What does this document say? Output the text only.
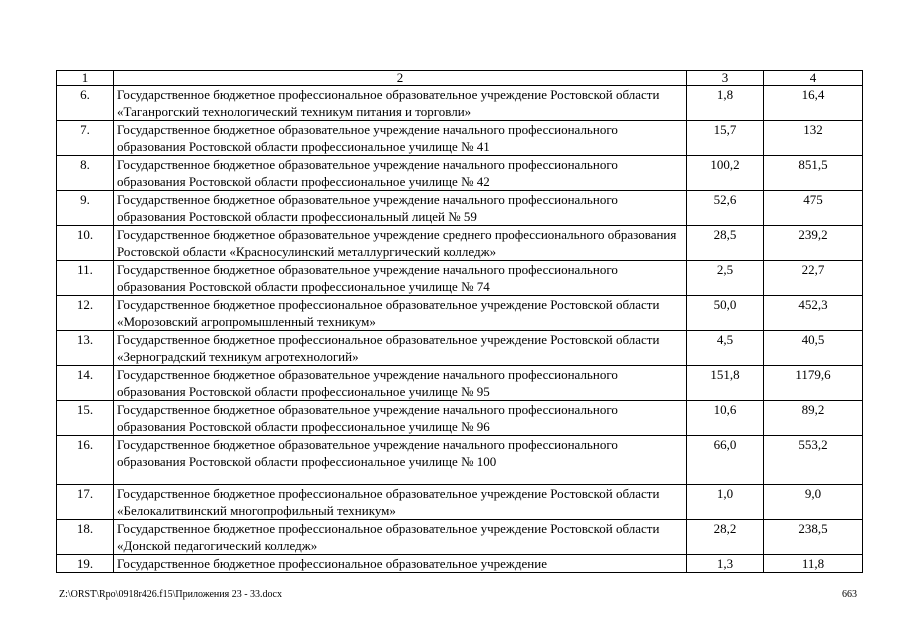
1	2	3	4
6.	Государственное бюджетное профессиональное образовательное учреждение Ростовской области «Таганрогский технологический техникум питания и торговли»	1,8	16,4
7.	Государственное бюджетное образовательное учреждение начального профессионального образования Ростовской области профессиональное училище № 41	15,7	132
8.	Государственное бюджетное образовательное учреждение начального профессионального образования Ростовской области профессиональное училище № 42	100,2	851,5
9.	Государственное бюджетное образовательное учреждение начального профессионального образования Ростовской области профессиональный лицей № 59	52,6	475
10.	Государственное бюджетное образовательное учреждение среднего профессионального образования Ростовской области «Красносулинский металлургический колледж»	28,5	239,2
11.	Государственное бюджетное образовательное учреждение начального профессионального образования Ростовской области профессиональное училище № 74	2,5	22,7
12.	Государственное бюджетное профессиональное образовательное учреждение Ростовской области «Морозовский агропромышленный техникум»	50,0	452,3
13.	Государственное бюджетное профессиональное образовательное учреждение Ростовской области «Зерноградский техникум агротехнологий»	4,5	40,5
14.	Государственное бюджетное образовательное учреждение начального профессионального образования Ростовской области профессиональное училище № 95	151,8	1179,6
15.	Государственное бюджетное образовательное учреждение начального профессионального образования Ростовской области профессиональное училище № 96	10,6	89,2
16.	Государственное бюджетное образовательное учреждение начального профессионального образования Ростовской области профессиональное училище № 100	66,0	553,2
17.	Государственное бюджетное профессиональное образовательное учреждение Ростовской области «Белокалитвинский многопрофильный техникум»	1,0	9,0
18.	Государственное бюджетное профессиональное образовательное учреждение Ростовской области «Донской педагогический колледж»	28,2	238,5
19.	Государственное бюджетное профессиональное образовательное учреждение	1,3	11,8
Z:\ORST\Rpo\0918r426.f15\Приложения 23 - 33.docx	663
